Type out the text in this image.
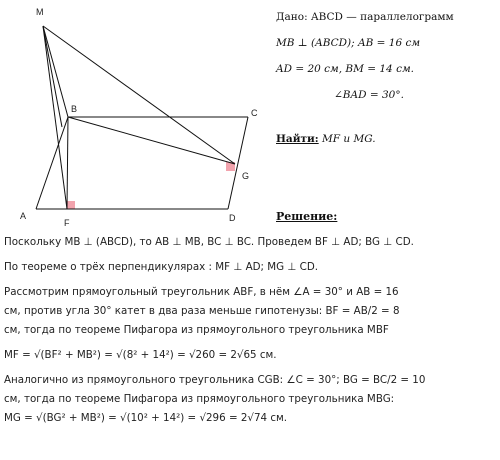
M
B	C
G
A
F	D
Дано: ABCD — параллелограмм
MB ⊥ (ABCD); AB = 16 см
AD = 20 см, BM = 14 см.
∠BAD = 30°.
Найти: MF и MG.
Решение:

Поскольку MB ⊥ (ABCD), то AB ⊥ MB, BC ⊥ BC. Проведем BF ⊥ AD; BG ⊥ CD.

По теореме о трёх перпендикулярах : MF ⊥ AD; MG ⊥ CD.

Рассмотрим прямоугольный треугольник ABF, в нём ∠A = 30° и AB = 16

см, против угла 30° катет в два раза меньше гипотенузы: BF = AB/2 = 8

см, тогда по теореме Пифагора из прямоугольного треугольника MBF

MF = √(BF² + MB²) = √(8² + 14²) = √260 = 2√65 см.

Аналогично из прямоугольного треугольника CGB: ∠C = 30°; BG = BC/2 = 10

см, тогда по теореме Пифагора из прямоугольного треугольника MBG:

MG = √(BG² + MB²) = √(10² + 14²) = √296 = 2√74 см.
